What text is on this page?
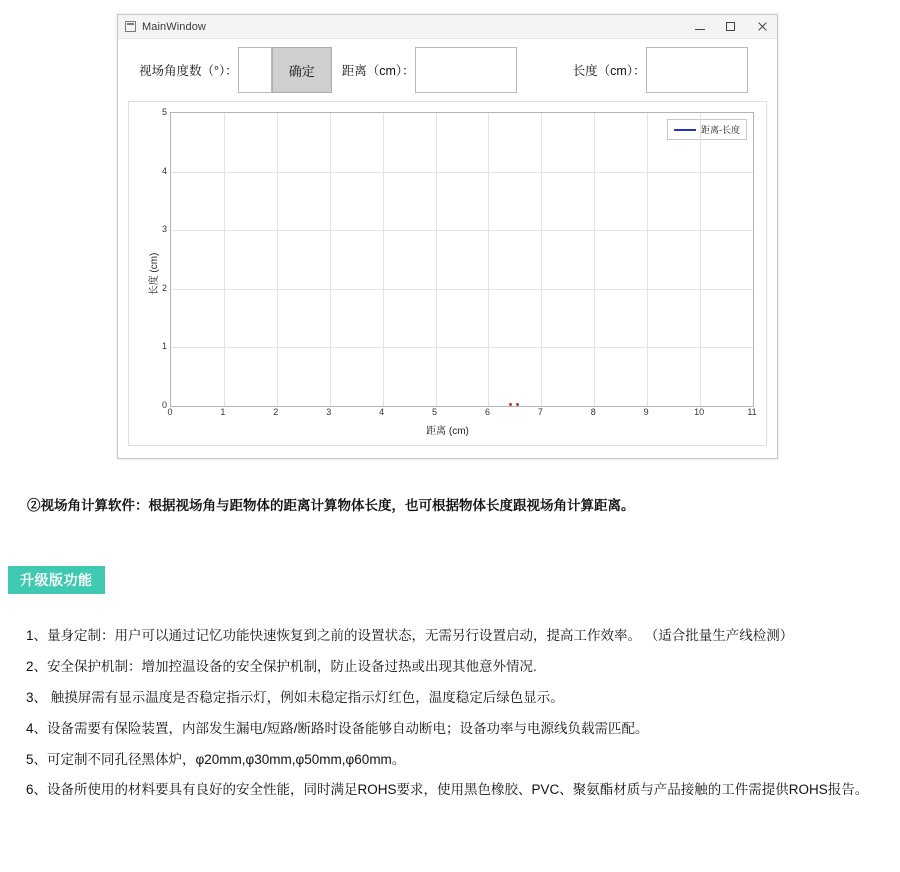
MainWindow
视场角度数（°）：	确定	距离（cm）：	长度（cm）：
长度 (cm)
距离 (cm)
距离-长度
0	1	2	3	4	5	6	7	8	9	10	11
0
1
2
3
4
5
②视场角计算软件：根据视场角与距物体的距离计算物体长度，也可根据物体长度跟视场角计算距离。
升级版功能
1、量身定制：用户可以通过记忆功能快速恢复到之前的设置状态，无需另行设置启动，提高工作效率。 （适合批量生产线检测）
2、安全保护机制：增加控温设备的安全保护机制，防止设备过热或出现其他意外情况.
3、 触摸屏需有显示温度是否稳定指示灯，例如未稳定指示灯红色，温度稳定后绿色显示。
4、设备需要有保险装置，内部发生漏电/短路/断路时设备能够自动断电；设备功率与电源线负载需匹配。
5、可定制不同孔径黑体炉，φ20mm,φ30mm,φ50mm,φ60mm。
6、设备所使用的材料要具有良好的安全性能，同时满足ROHS要求，使用黑色橡胶、PVC、聚氨酯材质与产品接触的工件需提供ROHS报告。
